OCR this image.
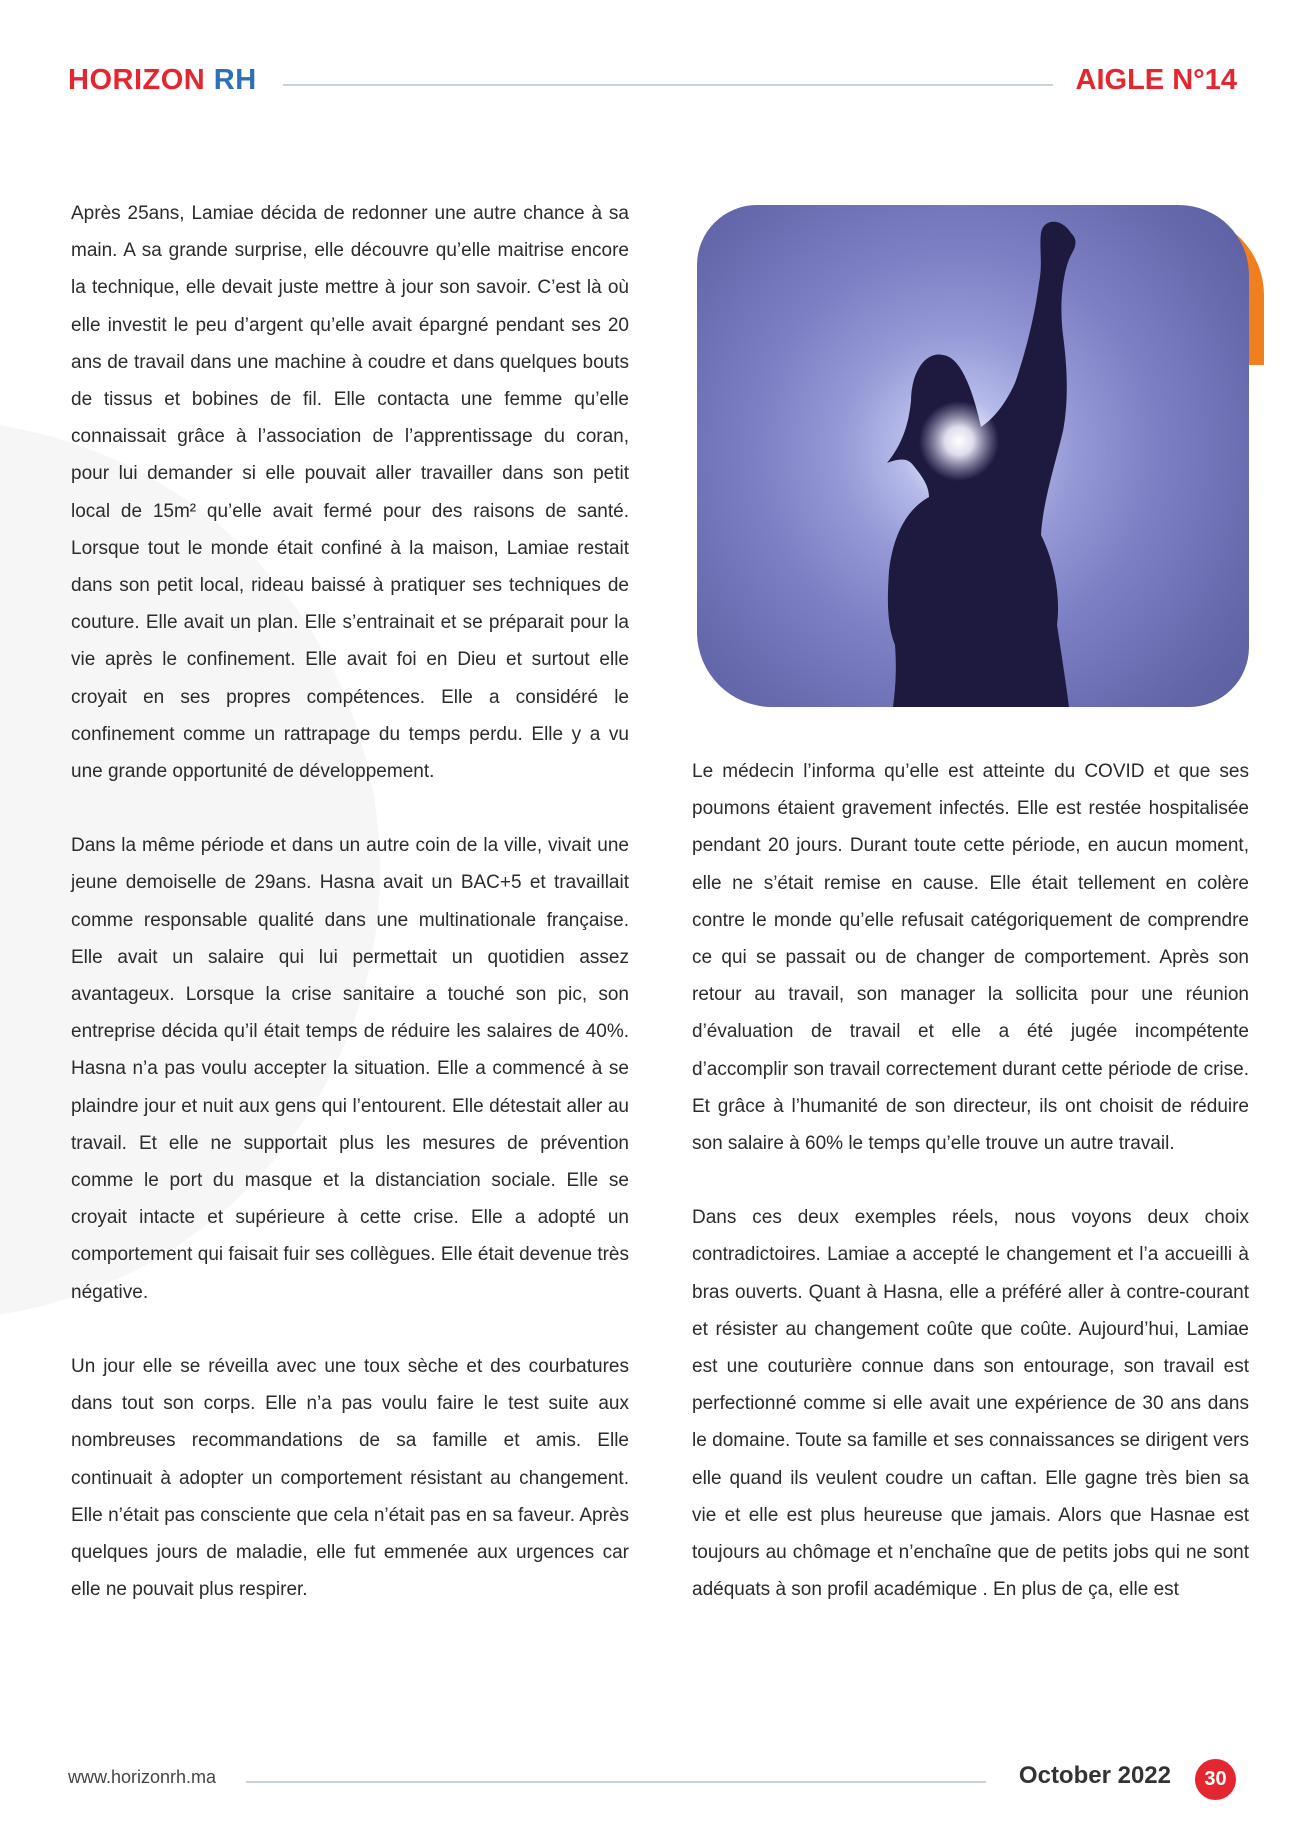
HORIZON RH	AIGLE N°14

Après 25ans, Lamiae décida de redonner une autre chance à sa main. A sa grande surprise, elle découvre qu’elle maitrise encore la technique, elle devait juste mettre à jour son savoir. C’est là où elle investit le peu d’argent qu’elle avait épargné pendant ses 20 ans de travail dans une machine à coudre et dans quelques bouts de tissus et bobines de fil. Elle contacta une femme qu’elle connaissait grâce à l’association de l’apprentissage du coran, pour lui demander si elle pouvait aller travailler dans son petit local de 15m² qu’elle avait fermé pour des raisons de santé. Lorsque tout le monde était confiné à la maison, Lamiae restait dans son petit local, rideau baissé à pratiquer ses techniques de couture. Elle avait un plan. Elle s’entrainait et se préparait pour la vie après le confinement. Elle avait foi en Dieu et surtout elle croyait en ses propres compétences. Elle a considéré le confinement comme un rattrapage du temps perdu. Elle y a vu une grande opportunité de développement.

Dans la même période et dans un autre coin de la ville, vivait une jeune demoiselle de 29ans. Hasna avait un BAC+5 et travaillait comme responsable qualité dans une multinationale française. Elle avait un salaire qui lui permettait un quotidien assez avantageux. Lorsque la crise sanitaire a touché son pic, son entreprise décida qu’il était temps de réduire les salaires de 40%. Hasna n’a pas voulu accepter la situation. Elle a commencé à se plaindre jour et nuit aux gens qui l’entourent. Elle détestait aller au travail. Et elle ne supportait plus les mesures de prévention comme le port du masque et la distanciation sociale. Elle se croyait intacte et supérieure à cette crise. Elle a adopté un comportement qui faisait fuir ses collègues. Elle était devenue très négative.

Un jour elle se réveilla avec une toux sèche et des courbatures dans tout son corps. Elle n’a pas voulu faire le test suite aux nombreuses recommandations de sa famille et amis. Elle continuait à adopter un comportement résistant au changement. Elle n’était pas consciente que cela n’était pas en sa faveur. Après quelques jours de maladie, elle fut emmenée aux urgences car elle ne pouvait plus respirer.

Le médecin l’informa qu’elle est atteinte du COVID et que ses poumons étaient gravement infectés. Elle est restée hospitalisée pendant 20 jours. Durant toute cette période, en aucun moment, elle ne s’était remise en cause. Elle était tellement en colère contre le monde qu’elle refusait catégoriquement de comprendre ce qui se passait ou de changer de comportement. Après son retour au travail, son manager la sollicita pour une réunion d’évaluation de travail et elle a été jugée incompétente d’accomplir son travail correctement durant cette période de crise. Et grâce à l’humanité de son directeur, ils ont choisit de réduire son salaire à 60% le temps qu’elle trouve un autre travail.

Dans ces deux exemples réels, nous voyons deux choix contradictoires. Lamiae a accepté le changement et l’a accueilli à bras ouverts. Quant à Hasna, elle a préféré aller à contre-courant et résister au changement coûte que coûte. Aujourd’hui, Lamiae est une couturière connue dans son entourage, son travail est perfectionné comme si elle avait une expérience de 30 ans dans le domaine. Toute sa famille et ses connaissances se dirigent vers elle quand ils veulent coudre un caftan. Elle gagne très bien sa vie et elle est plus heureuse que jamais. Alors que Hasnae est toujours au chômage et n’enchaîne que de petits jobs qui ne sont adéquats à son profil académique . En plus de ça, elle est

www.horizonrh.ma	October 2022	30
